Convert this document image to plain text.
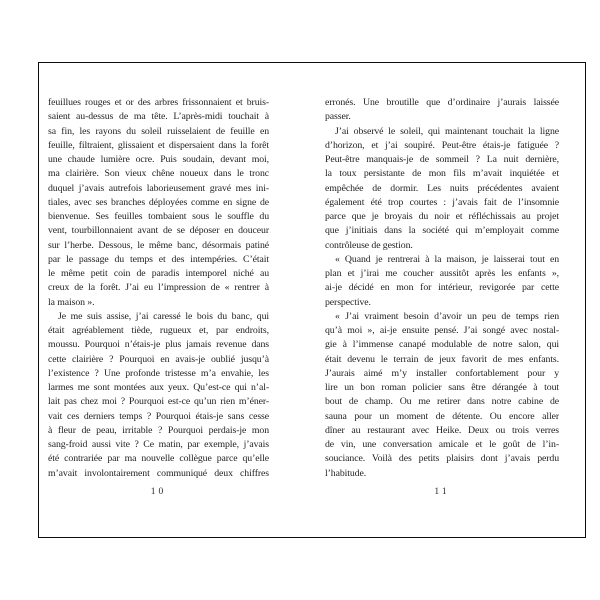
feuillues rouges et or des arbres frissonnaient et bruis-
saient au-dessus de ma tête. L’après-midi touchait à
sa fin, les rayons du soleil ruisselaient de feuille en
feuille, filtraient, glissaient et dispersaient dans la forêt
une chaude lumière ocre. Puis soudain, devant moi,
ma clairière. Son vieux chêne noueux dans le tronc
duquel j’avais autrefois laborieusement gravé mes ini-
tiales, avec ses branches déployées comme en signe de
bienvenue. Ses feuilles tombaient sous le souffle du
vent, tourbillonnaient avant de se déposer en douceur
sur l’herbe. Dessous, le même banc, désormais patiné
par le passage du temps et des intempéries. C’était
le même petit coin de paradis intemporel niché au
creux de la forêt. J’ai eu l’impression de « rentrer à
la maison ».
Je me suis assise, j’ai caressé le bois du banc, qui
était agréablement tiède, rugueux et, par endroits,
moussu. Pourquoi n’étais-je plus jamais revenue dans
cette clairière ? Pourquoi en avais-je oublié jusqu’à
l’existence ? Une profonde tristesse m’a envahie, les
larmes me sont montées aux yeux. Qu’est-ce qui n’al-
lait pas chez moi ? Pourquoi est-ce qu’un rien m’éner-
vait ces derniers temps ? Pourquoi étais-je sans cesse
à fleur de peau, irritable ? Pourquoi perdais-je mon
sang-froid aussi vite ? Ce matin, par exemple, j’avais
été contrariée par ma nouvelle collègue parce qu’elle
m’avait involontairement communiqué deux chiffres
erronés. Une broutille que d’ordinaire j’aurais laissée
passer.
J’ai observé le soleil, qui maintenant touchait la ligne
d’horizon, et j’ai soupiré. Peut-être étais-je fatiguée ?
Peut-être manquais-je de sommeil ? La nuit dernière,
la toux persistante de mon fils m’avait inquiétée et
empêchée de dormir. Les nuits précédentes avaient
également été trop courtes : j’avais fait de l’insomnie
parce que je broyais du noir et réfléchissais au projet
que j’initiais dans la société qui m’employait comme
contrôleuse de gestion.
« Quand je rentrerai à la maison, je laisserai tout en
plan et j’irai me coucher aussitôt après les enfants »,
ai-je décidé en mon for intérieur, revigorée par cette
perspective.
« J’ai vraiment besoin d’avoir un peu de temps rien
qu’à moi », ai-je ensuite pensé. J’ai songé avec nostal-
gie à l’immense canapé modulable de notre salon, qui
était devenu le terrain de jeux favorit de mes enfants.
J’aurais aimé m’y installer confortablement pour y
lire un bon roman policier sans être dérangée à tout
bout de champ. Ou me retirer dans notre cabine de
sauna pour un moment de détente. Ou encore aller
dîner au restaurant avec Heike. Deux ou trois verres
de vin, une conversation amicale et le goût de l’in-
souciance. Voilà des petits plaisirs dont j’avais perdu
l’habitude.
10	11
